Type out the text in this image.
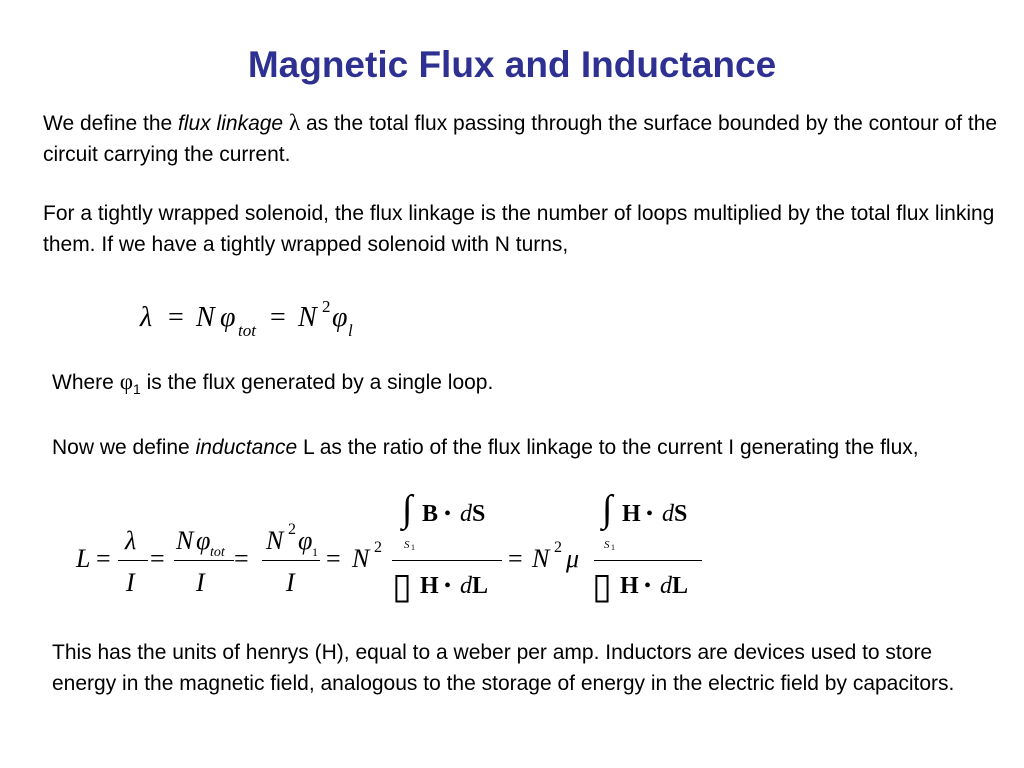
Magnetic Flux and Inductance

We define the flux linkage λ as the total flux passing through the surface bounded by the contour of the circuit carrying the current.

For a tightly wrapped solenoid, the flux linkage is the number of loops multiplied by the total flux linking them. If we have a tightly wrapped solenoid with N turns,

λ = N φ tot = N 2 φ l

Where $\varphi_1$ is the flux generated by a single loop.

Now we define inductance L as the ratio of the flux linkage to the current I generating the flux,

L =
λ
I
=
N φ tot
I
=
N 2 φ 1
I
= N 2
∫ B • d S
S 1
▯ H • d L
= N 2 μ
∫ H • d S
S 1
▯ H • d L

This has the units of henrys (H), equal to a weber per amp. Inductors are devices used to store energy in the magnetic field, analogous to the storage of energy in the electric field by capacitors.
